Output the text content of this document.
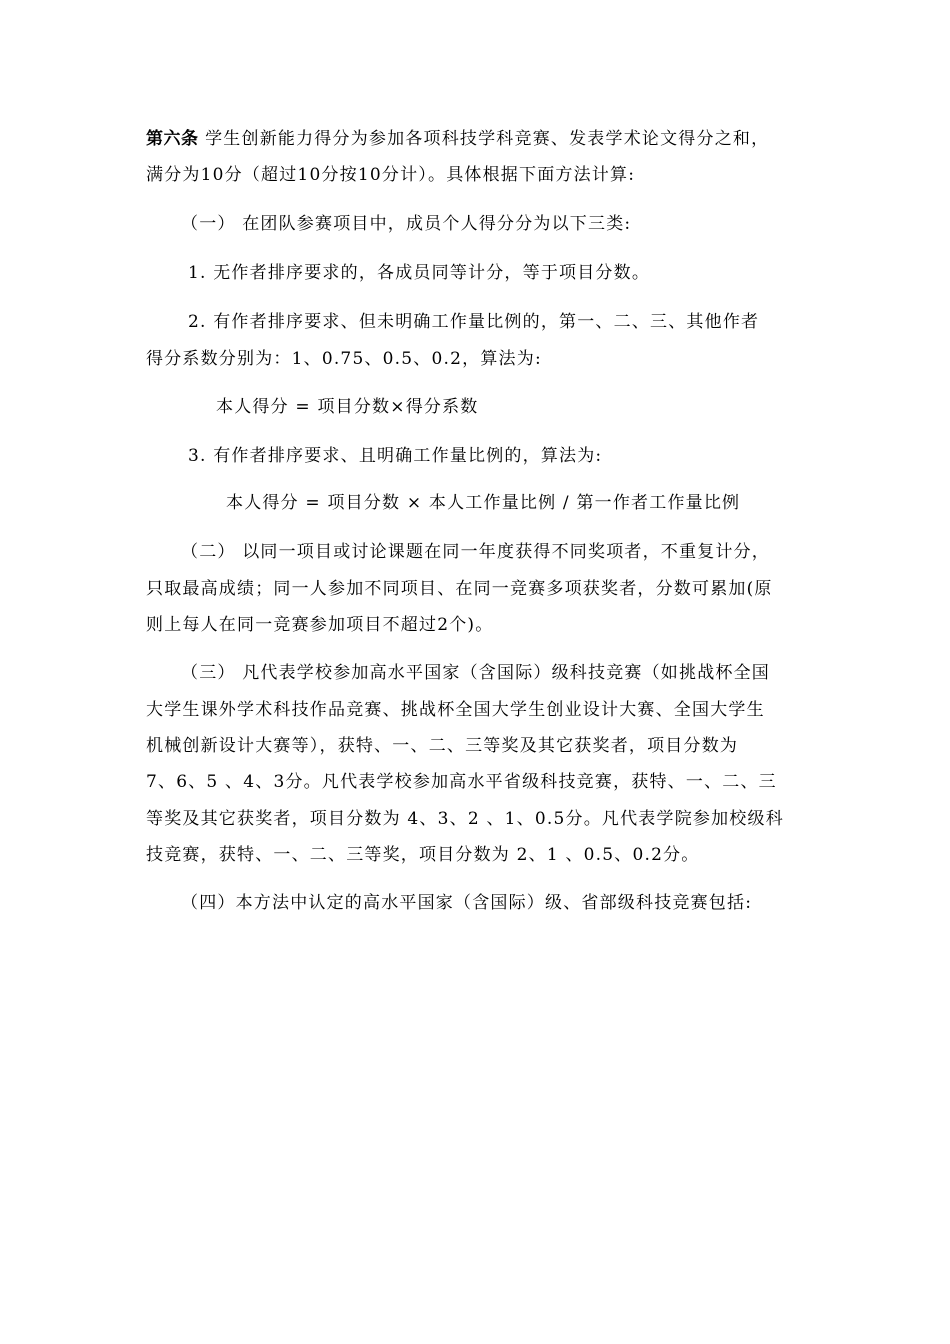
第六条 学生创新能力得分为参加各项科技学科竞赛、发表学术论文得分之和，
满分为10分（超过10分按10分计）。具体根据下面方法计算:
（一） 在团队参赛项目中，成员个人得分分为以下三类:
1. 无作者排序要求的，各成员同等计分，等于项目分数。
2. 有作者排序要求、但未明确工作量比例的，第一、二、三、其他作者
得分系数分别为：1、0.75、0.5、0.2，算法为:
本人得分 = 项目分数×得分系数
3. 有作者排序要求、且明确工作量比例的，算法为:
本人得分 = 项目分数 × 本人工作量比例 / 第一作者工作量比例
（二） 以同一项目或讨论课题在同一年度获得不同奖项者，不重复计分，
只取最高成绩；同一人参加不同项目、在同一竞赛多项获奖者，分数可累加(原
则上每人在同一竞赛参加项目不超过2个)。
（三） 凡代表学校参加高水平国家（含国际）级科技竞赛（如挑战杯全国
大学生课外学术科技作品竞赛、挑战杯全国大学生创业设计大赛、全国大学生
机械创新设计大赛等），获特、一、二、三等奖及其它获奖者，项目分数为
7、6、5 、4、3分。凡代表学校参加高水平省级科技竞赛，获特、一、二、三
等奖及其它获奖者，项目分数为 4、3、2 、1、0.5分。凡代表学院参加校级科
技竞赛，获特、一、二、三等奖，项目分数为 2、1 、0.5、0.2分。
（四）本方法中认定的高水平国家（含国际）级、省部级科技竞赛包括:
